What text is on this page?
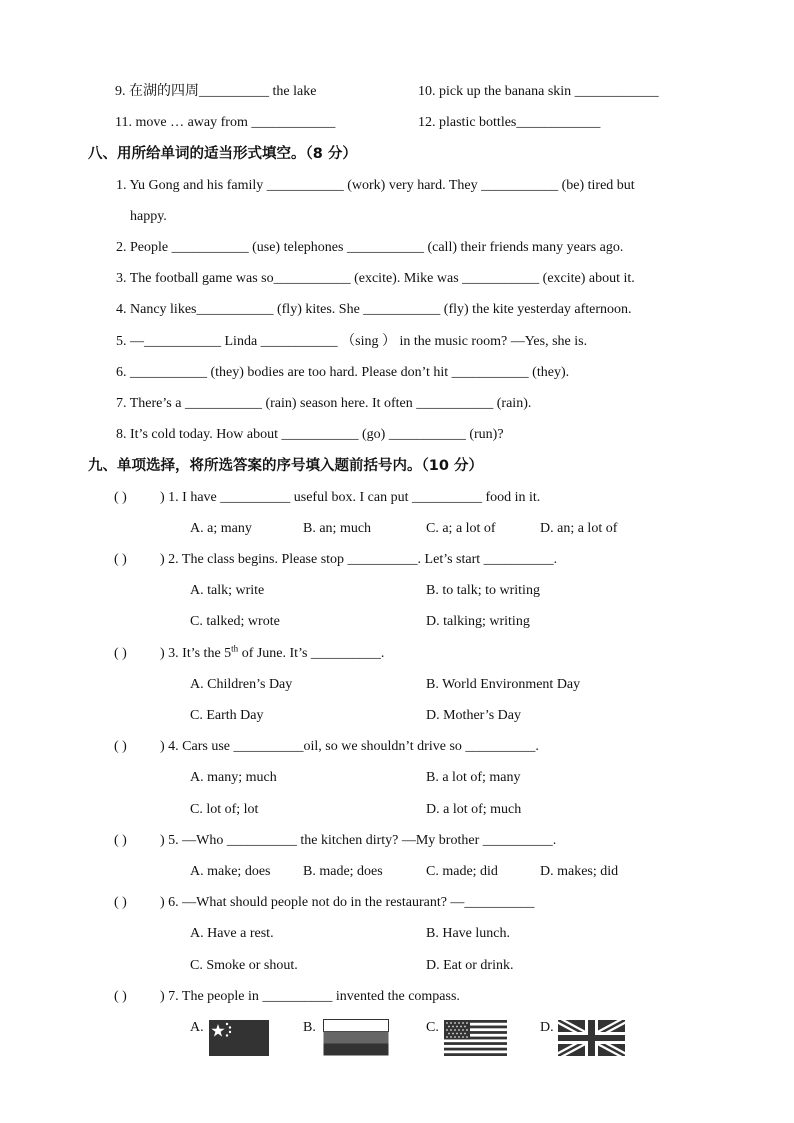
9. 在湖的四周__________ the lake	10. pick up the banana skin ____________
11. move … away from ____________	12. plastic bottles____________
八、用所给单词的适当形式填空。（8 分）
1. Yu Gong and his family ___________ (work) very hard. They ___________ (be) tired but
happy.
2. People ___________ (use) telephones ___________ (call) their friends many years ago.
3. The football game was so___________ (excite). Mike was ___________ (excite) about it.
4. Nancy likes___________ (fly) kites. She ___________ (fly) the kite yesterday afternoon.
5. —___________ Linda ___________ （sing ） in the music room? —Yes, she is.
6. ___________ (they) bodies are too hard. Please don’t hit ___________ (they).
7. There’s a ___________ (rain) season here. It often ___________ (rain).
8. It’s cold today. How about ___________ (go) ___________ (run)?
九、单项选择，将所选答案的序号填入题前括号内。（10 分）
( ) ) 1. I have __________ useful box. I can put __________ food in it.
A. a; many	B. an; much	C. a; a lot of	D. an; a lot of
( ) ) 2. The class begins. Please stop __________. Let’s start __________.
A. talk; write	B. to talk; to writing
C. talked; wrote	D. talking; writing
( ) ) 3. It’s the 5th of June. It’s __________.
A. Children’s Day	B. World Environment Day
C. Earth Day	D. Mother’s Day
( ) ) 4. Cars use __________oil, so we shouldn’t drive so __________.
A. many; much	B. a lot of; many
C. lot of; lot	D. a lot of; much
( ) ) 5. —Who __________ the kitchen dirty? —My brother __________.
A. make; does B. made; does	C. made; did	D. makes; did
( ) ) 6. —What should people not do in the restaurant? —__________
A. Have a rest.	B. Have lunch.
C. Smoke or shout.	D. Eat or drink.
( ) ) 7. The people in __________ invented the compass.
A.	B.	C.	D.
